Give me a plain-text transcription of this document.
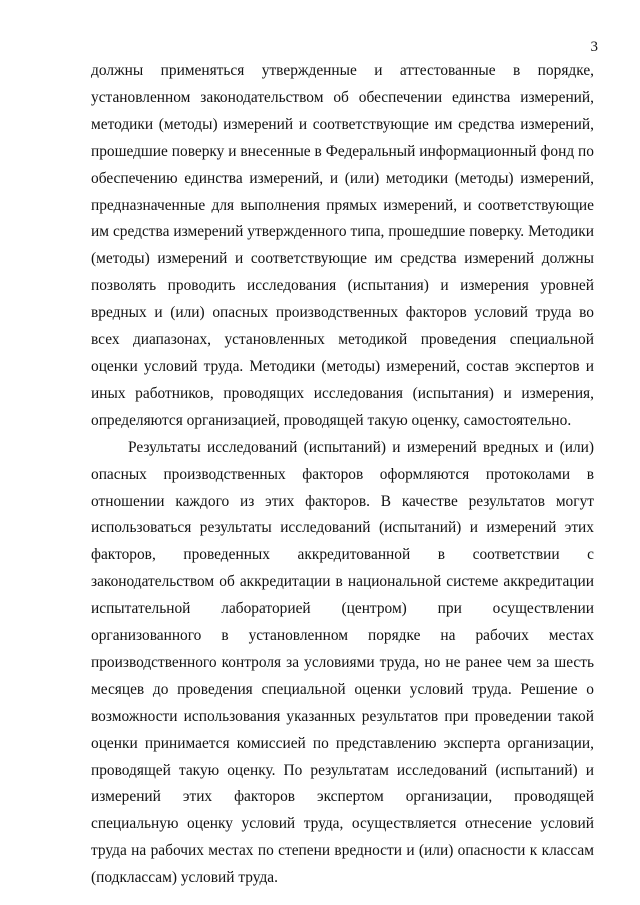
3

должны применяться утвержденные и аттестованные в порядке, установленном законодательством об обеспечении единства измерений, методики (методы) измерений и соответствующие им средства измерений, прошедшие поверку и внесенные в Федеральный информационный фонд по обеспечению единства измерений, и (или) методики (методы) измерений, предназначенные для выполнения прямых измерений, и соответствующие им средства измерений утвержденного типа, прошедшие поверку. Методики (методы) измерений и соответствующие им средства измерений должны позволять проводить исследования (испытания) и измерения уровней вредных и (или) опасных производственных факторов условий труда во всех диапазонах, установленных методикой проведения специальной оценки условий труда. Методики (методы) измерений, состав экспертов и иных работников, проводящих исследования (испытания) и измерения, определяются организацией, проводящей такую оценку, самостоятельно.

Результаты исследований (испытаний) и измерений вредных и (или) опасных производственных факторов оформляются протоколами в отношении каждого из этих факторов. В качестве результатов могут использоваться результаты исследований (испытаний) и измерений этих факторов, проведенных аккредитованной в соответствии с законодательством об аккредитации в национальной системе аккредитации испытательной лабораторией (центром) при осуществлении организованного в установленном порядке на рабочих местах производственного контроля за условиями труда, но не ранее чем за шесть месяцев до проведения специальной оценки условий труда. Решение о возможности использования указанных результатов при проведении такой оценки принимается комиссией по представлению эксперта организации, проводящей такую оценку. По результатам исследований (испытаний) и измерений этих факторов экспертом организации, проводящей специальную оценку условий труда, осуществляется отнесение условий труда на рабочих местах по степени вредности и (или) опасности к классам (подклассам) условий труда.
